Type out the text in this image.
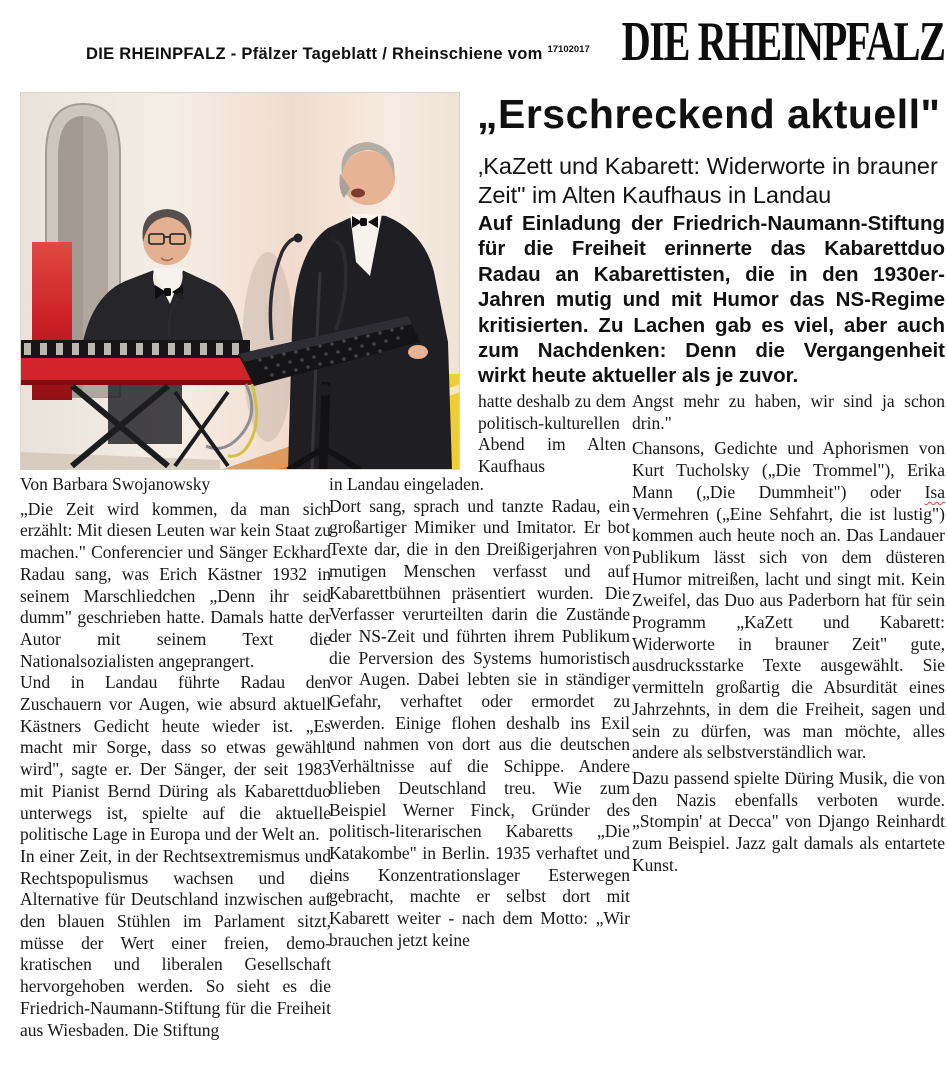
DIE RHEINPFALZ - Pfälzer Tageblatt / Rheinschiene vom $^{17102017}$ DIE RHEINPFALZ
„Erschreckend aktuell"
‚KaZett und Kabarett: Widerworte in brauner Zeit" im Alten Kaufhaus in Landau
Auf Einladung der Friedrich-Naumann-Stiftung für die Freiheit erinnerte das Kabarettduo Radau an Kabarettisten, die in den 1930er-Jahren mutig und mit Humor das NS-Regime kritisierten. Zu Lachen gab es viel, aber auch zum Nachdenken: Denn die Vergangenheit wirkt heute aktueller als je zuvor.

hatte deshalb zu dem politisch-kulturellen Abend im Alten Kaufhaus

Angst mehr zu haben, wir sind ja schon drin."

Chansons, Gedichte und Aphorismen von Kurt Tucholsky („Die Trommel"), Erika Mann („Die Dummheit") oder Isa Vermehren („Eine Sehfahrt, die ist lustig") kommen auch heute noch an. Das Landauer Publikum lässt sich von dem düsteren Humor mitreißen, lacht und singt mit. Kein Zweifel, das Duo aus Paderborn hat für sein Programm „KaZett und Kabarett: Widerworte in brauner Zeit" gute, ausdrucksstarke Texte ausgewählt. Sie vermitteln großartig die Absurdität eines Jahrzehnts, in dem die Freiheit, sagen und sein zu dürfen, was man möchte, alles andere als selbstverständlich war.

Dazu passend spielte Düring Musik, die von den Nazis ebenfalls verboten wurde. „Stompin' at Decca" von Django Reinhardt zum Beispiel. Jazz galt damals als entartete Kunst.

Von Barbara Swojanowsky

„Die Zeit wird kommen, da man sich erzählt: Mit diesen Leuten war kein Staat zu machen." Conferencier und Sänger Eckhard Radau sang, was Erich Kästner 1932 in seinem Marschliedchen „Denn ihr seid dumm" geschrieben hatte. Damals hatte der Autor mit seinem Text die Nationalsozialisten angeprangert.

Und in Landau führte Radau den Zuschauern vor Augen, wie absurd aktuell Kästners Gedicht heute wieder ist. „Es macht mir Sorge, dass so etwas gewählt wird", sagte er. Der Sänger, der seit 1983 mit Pianist Bernd Düring als Kabarettduo unterwegs ist, spielte auf die aktuelle politische Lage in Europa und der Welt an.

In einer Zeit, in der Rechtsextremismus und Rechtspopulismus wachsen und die Alternative für Deutschland inzwischen auf den blauen Stühlen im Parlament sitzt, müsse der Wert einer freien, demokratischen und liberalen Gesellschaft hervorgehoben werden. So sieht es die Friedrich-Naumann-Stiftung für die Freiheit aus Wiesbaden. Die Stiftung

in Landau eingeladen.

Dort sang, sprach und tanzte Radau, ein großartiger Mimiker und Imitator. Er bot Texte dar, die in den Dreißigerjahren von mutigen Menschen verfasst und auf Kabarettbühnen präsentiert wurden. Die Verfasser verurteilten darin die Zustände der NS-Zeit und führten ihrem Publikum die Perversion des Systems humoristisch vor Augen. Dabei lebten sie in ständiger Gefahr, verhaftet oder ermordet zu werden. Einige flohen deshalb ins Exil und nahmen von dort aus die deutschen Verhältnisse auf die Schippe. Andere blieben Deutschland treu. Wie zum Beispiel Werner Finck, Gründer des politisch-literarischen Kabaretts „Die Katakombe" in Berlin. 1935 verhaftet und ins Konzentrationslager Esterwegen gebracht, machte er selbst dort mit Kabarett weiter - nach dem Motto: „Wir brauchen jetzt keine
